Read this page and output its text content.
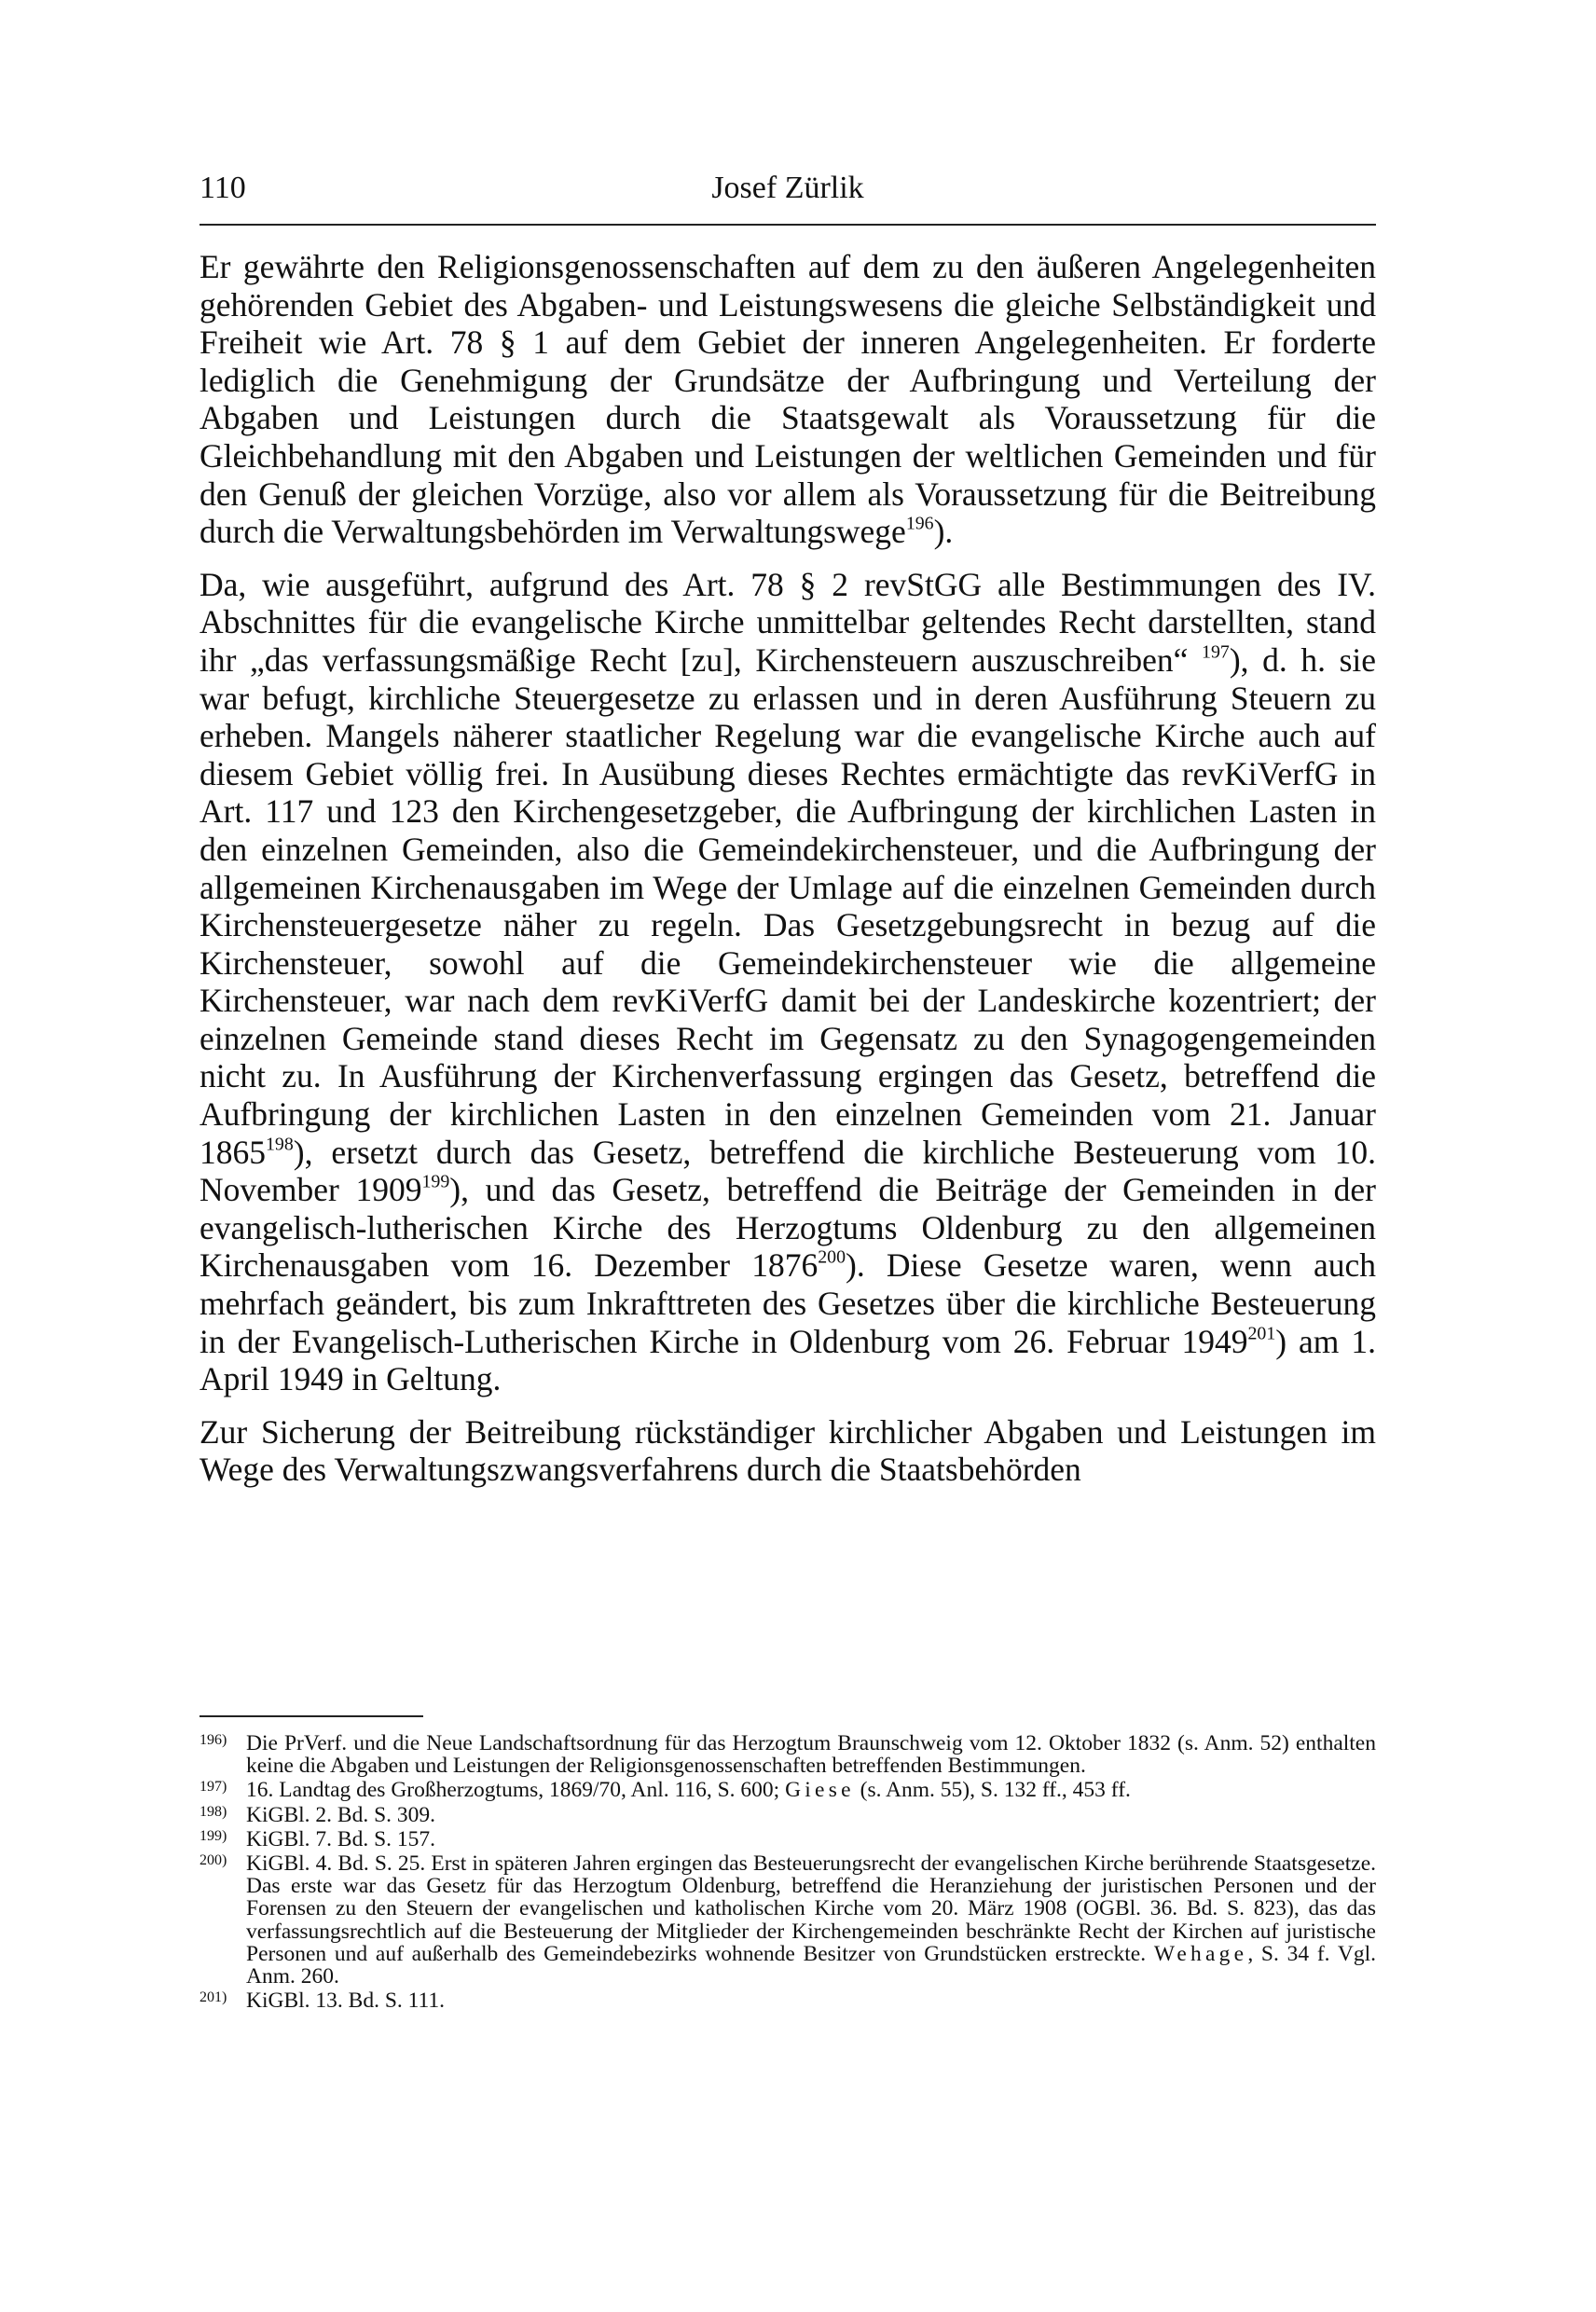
110	Josef Zürlik

Er gewährte den Religionsgenossenschaften auf dem zu den äußeren Angelegenheiten gehörenden Gebiet des Abgaben- und Leistungswesens die gleiche Selbständigkeit und Freiheit wie Art. 78 § 1 auf dem Gebiet der inneren Angelegenheiten. Er forderte lediglich die Genehmigung der Grundsätze der Aufbringung und Verteilung der Abgaben und Leistungen durch die Staatsgewalt als Voraussetzung für die Gleichbehandlung mit den Abgaben und Leistungen der weltlichen Gemeinden und für den Genuß der gleichen Vorzüge, also vor allem als Voraussetzung für die Beitreibung durch die Verwaltungsbehörden im Verwaltungswege$^{196}$).

Da, wie ausgeführt, aufgrund des Art. 78 § 2 revStGG alle Bestimmungen des IV. Abschnittes für die evangelische Kirche unmittelbar geltendes Recht darstellten, stand ihr „das verfassungsmäßige Recht [zu], Kirchensteuern auszuschreiben“ $^{197}$), d. h. sie war befugt, kirchliche Steuergesetze zu erlassen und in deren Ausführung Steuern zu erheben. Mangels näherer staatlicher Regelung war die evangelische Kirche auch auf diesem Gebiet völlig frei. In Ausübung dieses Rechtes ermächtigte das revKiVerfG in Art. 117 und 123 den Kirchengesetzgeber, die Aufbringung der kirchlichen Lasten in den einzelnen Gemeinden, also die Gemeindekirchensteuer, und die Aufbringung der allgemeinen Kirchenausgaben im Wege der Umlage auf die einzelnen Gemeinden durch Kirchensteuergesetze näher zu regeln. Das Gesetzgebungsrecht in bezug auf die Kirchensteuer, sowohl auf die Gemeindekirchensteuer wie die allgemeine Kirchensteuer, war nach dem revKiVerfG damit bei der Landeskirche kozentriert; der einzelnen Gemeinde stand dieses Recht im Gegensatz zu den Synagogengemeinden nicht zu. In Ausführung der Kirchenverfassung ergingen das Gesetz, betreffend die Aufbringung der kirchlichen Lasten in den einzelnen Gemeinden vom 21. Januar 1865$^{198}$), ersetzt durch das Gesetz, betreffend die kirchliche Besteuerung vom 10. November 1909$^{199}$), und das Gesetz, betreffend die Beiträge der Gemeinden in der evangelisch-lutherischen Kirche des Herzogtums Oldenburg zu den allgemeinen Kirchenausgaben vom 16. Dezember 1876$^{200}$). Diese Gesetze waren, wenn auch mehrfach geändert, bis zum Inkrafttreten des Gesetzes über die kirchliche Besteuerung in der Evangelisch-Lutherischen Kirche in Oldenburg vom 26. Februar 1949$^{201}$) am 1. April 1949 in Geltung.

Zur Sicherung der Beitreibung rückständiger kirchlicher Abgaben und Leistungen im Wege des Verwaltungszwangsverfahrens durch die Staatsbehörden

196) Die PrVerf. und die Neue Landschaftsordnung für das Herzogtum Braunschweig vom 12. Oktober 1832 (s. Anm. 52) enthalten keine die Abgaben und Leistungen der Religionsgenossenschaften betreffenden Bestimmungen.
197) 16. Landtag des Großherzogtums, 1869/70, Anl. 116, S. 600; Giese (s. Anm. 55), S. 132 ff., 453 ff.
198) KiGBl. 2. Bd. S. 309.
199) KiGBl. 7. Bd. S. 157.
200) KiGBl. 4. Bd. S. 25. Erst in späteren Jahren ergingen das Besteuerungsrecht der evangelischen Kirche berührende Staatsgesetze. Das erste war das Gesetz für das Herzogtum Oldenburg, betreffend die Heranziehung der juristischen Personen und der Forensen zu den Steuern der evangelischen und katholischen Kirche vom 20. März 1908 (OGBl. 36. Bd. S. 823), das das verfassungsrechtlich auf die Besteuerung der Mitglieder der Kirchengemeinden beschränkte Recht der Kirchen auf juristische Personen und auf außerhalb des Gemeindebezirks wohnende Besitzer von Grundstücken erstreckte. Wehage, S. 34 f. Vgl. Anm. 260.
201) KiGBl. 13. Bd. S. 111.
